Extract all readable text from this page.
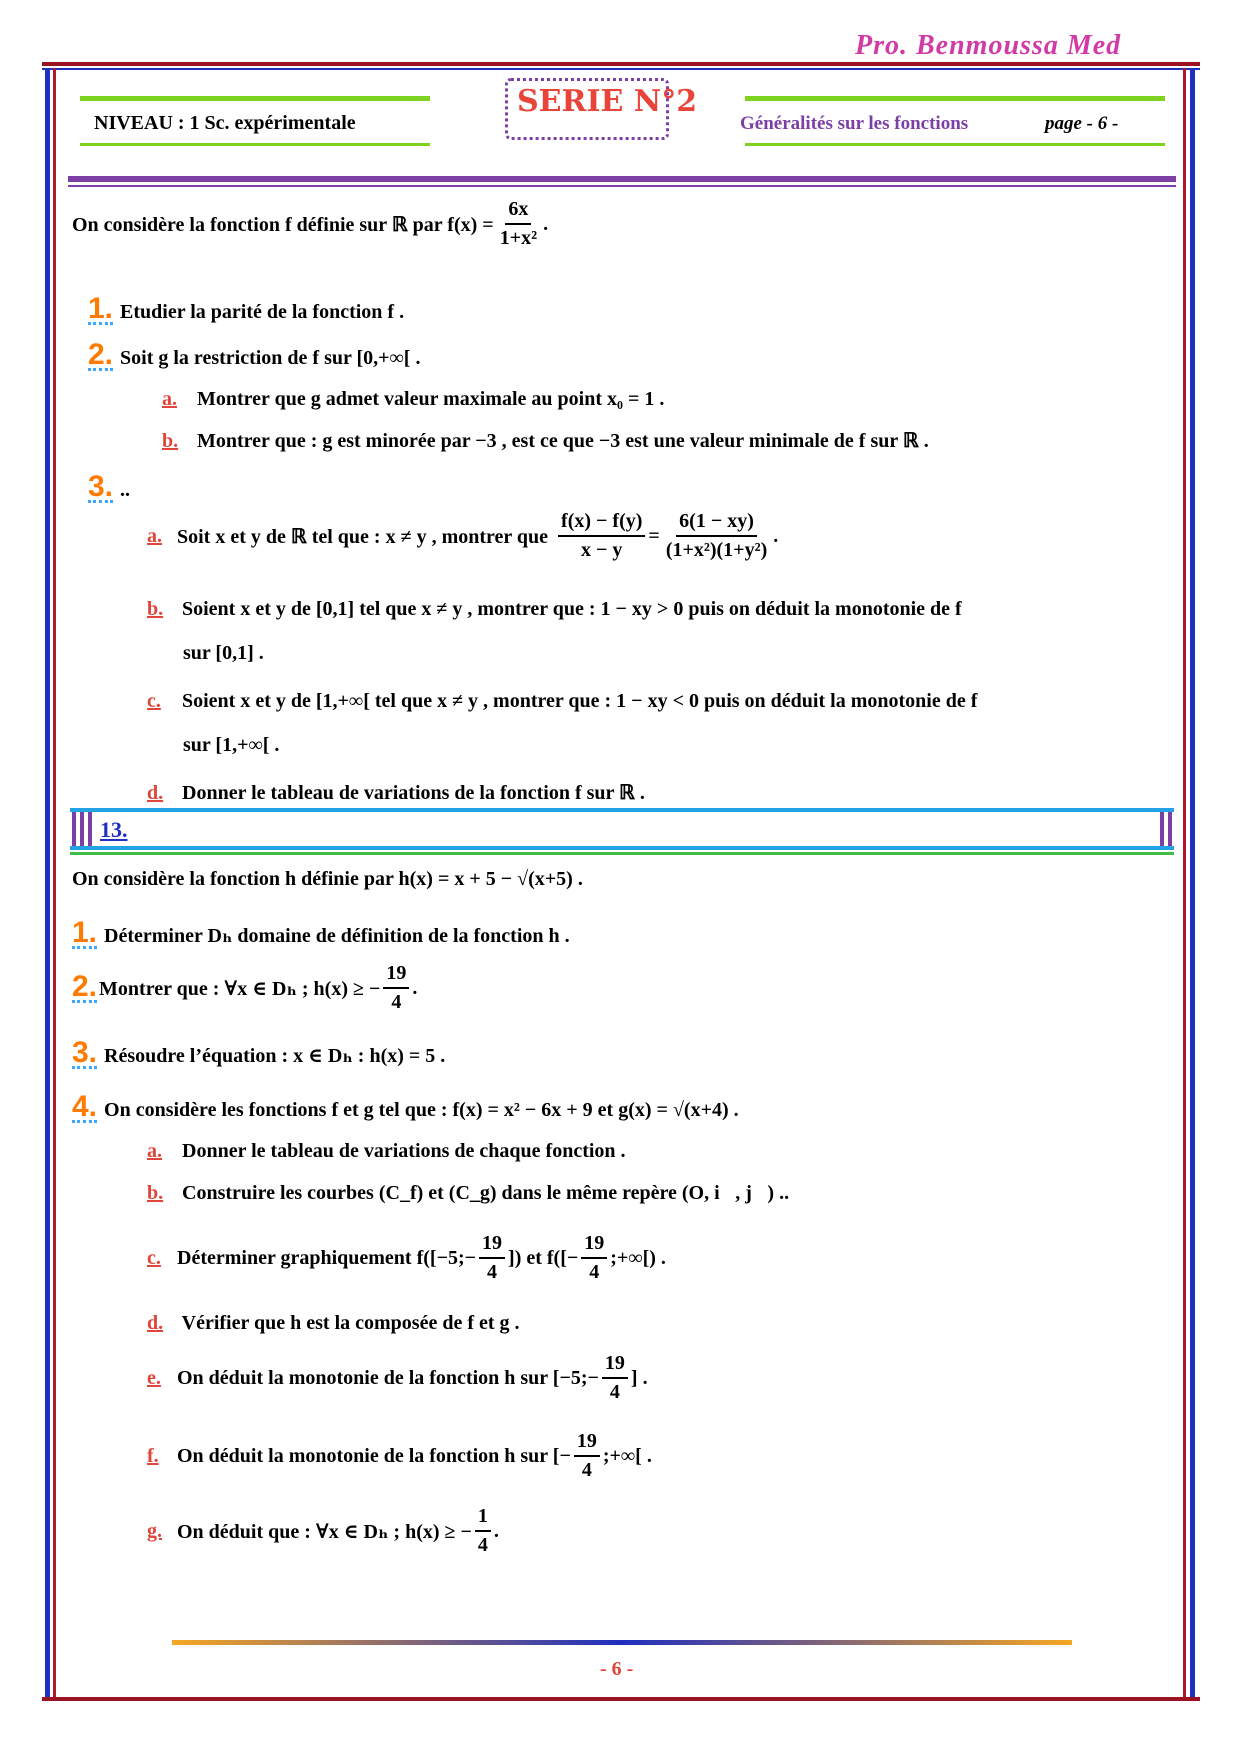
Pro. Benmoussa Med
NIVEAU : 1 Sc. expérimentale
SERIE N°2
Généralités sur les fonctions	page - 6 -
On considère la fonction f définie sur ℝ par $f(x) = \frac{6x}{\text{1+x²}}$ .
1. Etudier la parité de la fonction f .
2. Soit g la restriction de f sur [0,+∞[ .
a. Montrer que g admet valeur maximale au point x₀ = 1 .
b. Montrer que : g est minorée par −3 , est ce que −3 est une valeur minimale de f sur ℝ .
3. ..
a. Soit x et y de ℝ tel que : x ≠ y , montrer que $\frac{f(x) - f(y)}{x - y} = \frac{6(1 - xy)}{\text{(1+x²)(1+y²)}}$ .
b. Soient x et y de [0,1] tel que x ≠ y , montrer que : 1 − xy > 0 puis on déduit la monotonie de f
sur [0,1] .
c. Soient x et y de [1,+∞[ tel que x ≠ y , montrer que : 1 − xy < 0 puis on déduit la monotonie de f
sur [1,+∞[ .
d. Donner le tableau de variations de la fonction f sur ℝ .
13.
On considère la fonction h définie par h(x) = x + 5 − √(x+5) .
1. Déterminer Dₕ domaine de définition de la fonction h .
2. Montrer que : ∀x ∈ Dₕ ; h(x) ≥ − $\frac{19}{4}$ .
3. Résoudre l’équation : x ∈ Dₕ : h(x) = 5 .
4. On considère les fonctions f et g tel que : f(x) = x² − 6x + 9 et g(x) = √(x+4) .
a. Donner le tableau de variations de chaque fonction .
b. Construire les courbes (C_f) et (C_g) dans le même repère (O, i⃗, j⃗) ..
c. Déterminer graphiquement f([−5;− $\frac{19}{4}$ ]) et $f([- \frac{19}{4}$ ;+∞[) .
d. Vérifier que h est la composée de f et g .
e. On déduit la monotonie de la fonction h sur [−5;− $\frac{19}{4}$ ] .
f. On déduit la monotonie de la fonction h sur [− $\frac{19}{4}$ ;+∞[ .
g. On déduit que : ∀x ∈ Dₕ ; h(x) ≥ − $\frac{1}{4}$ .
- 6 -
